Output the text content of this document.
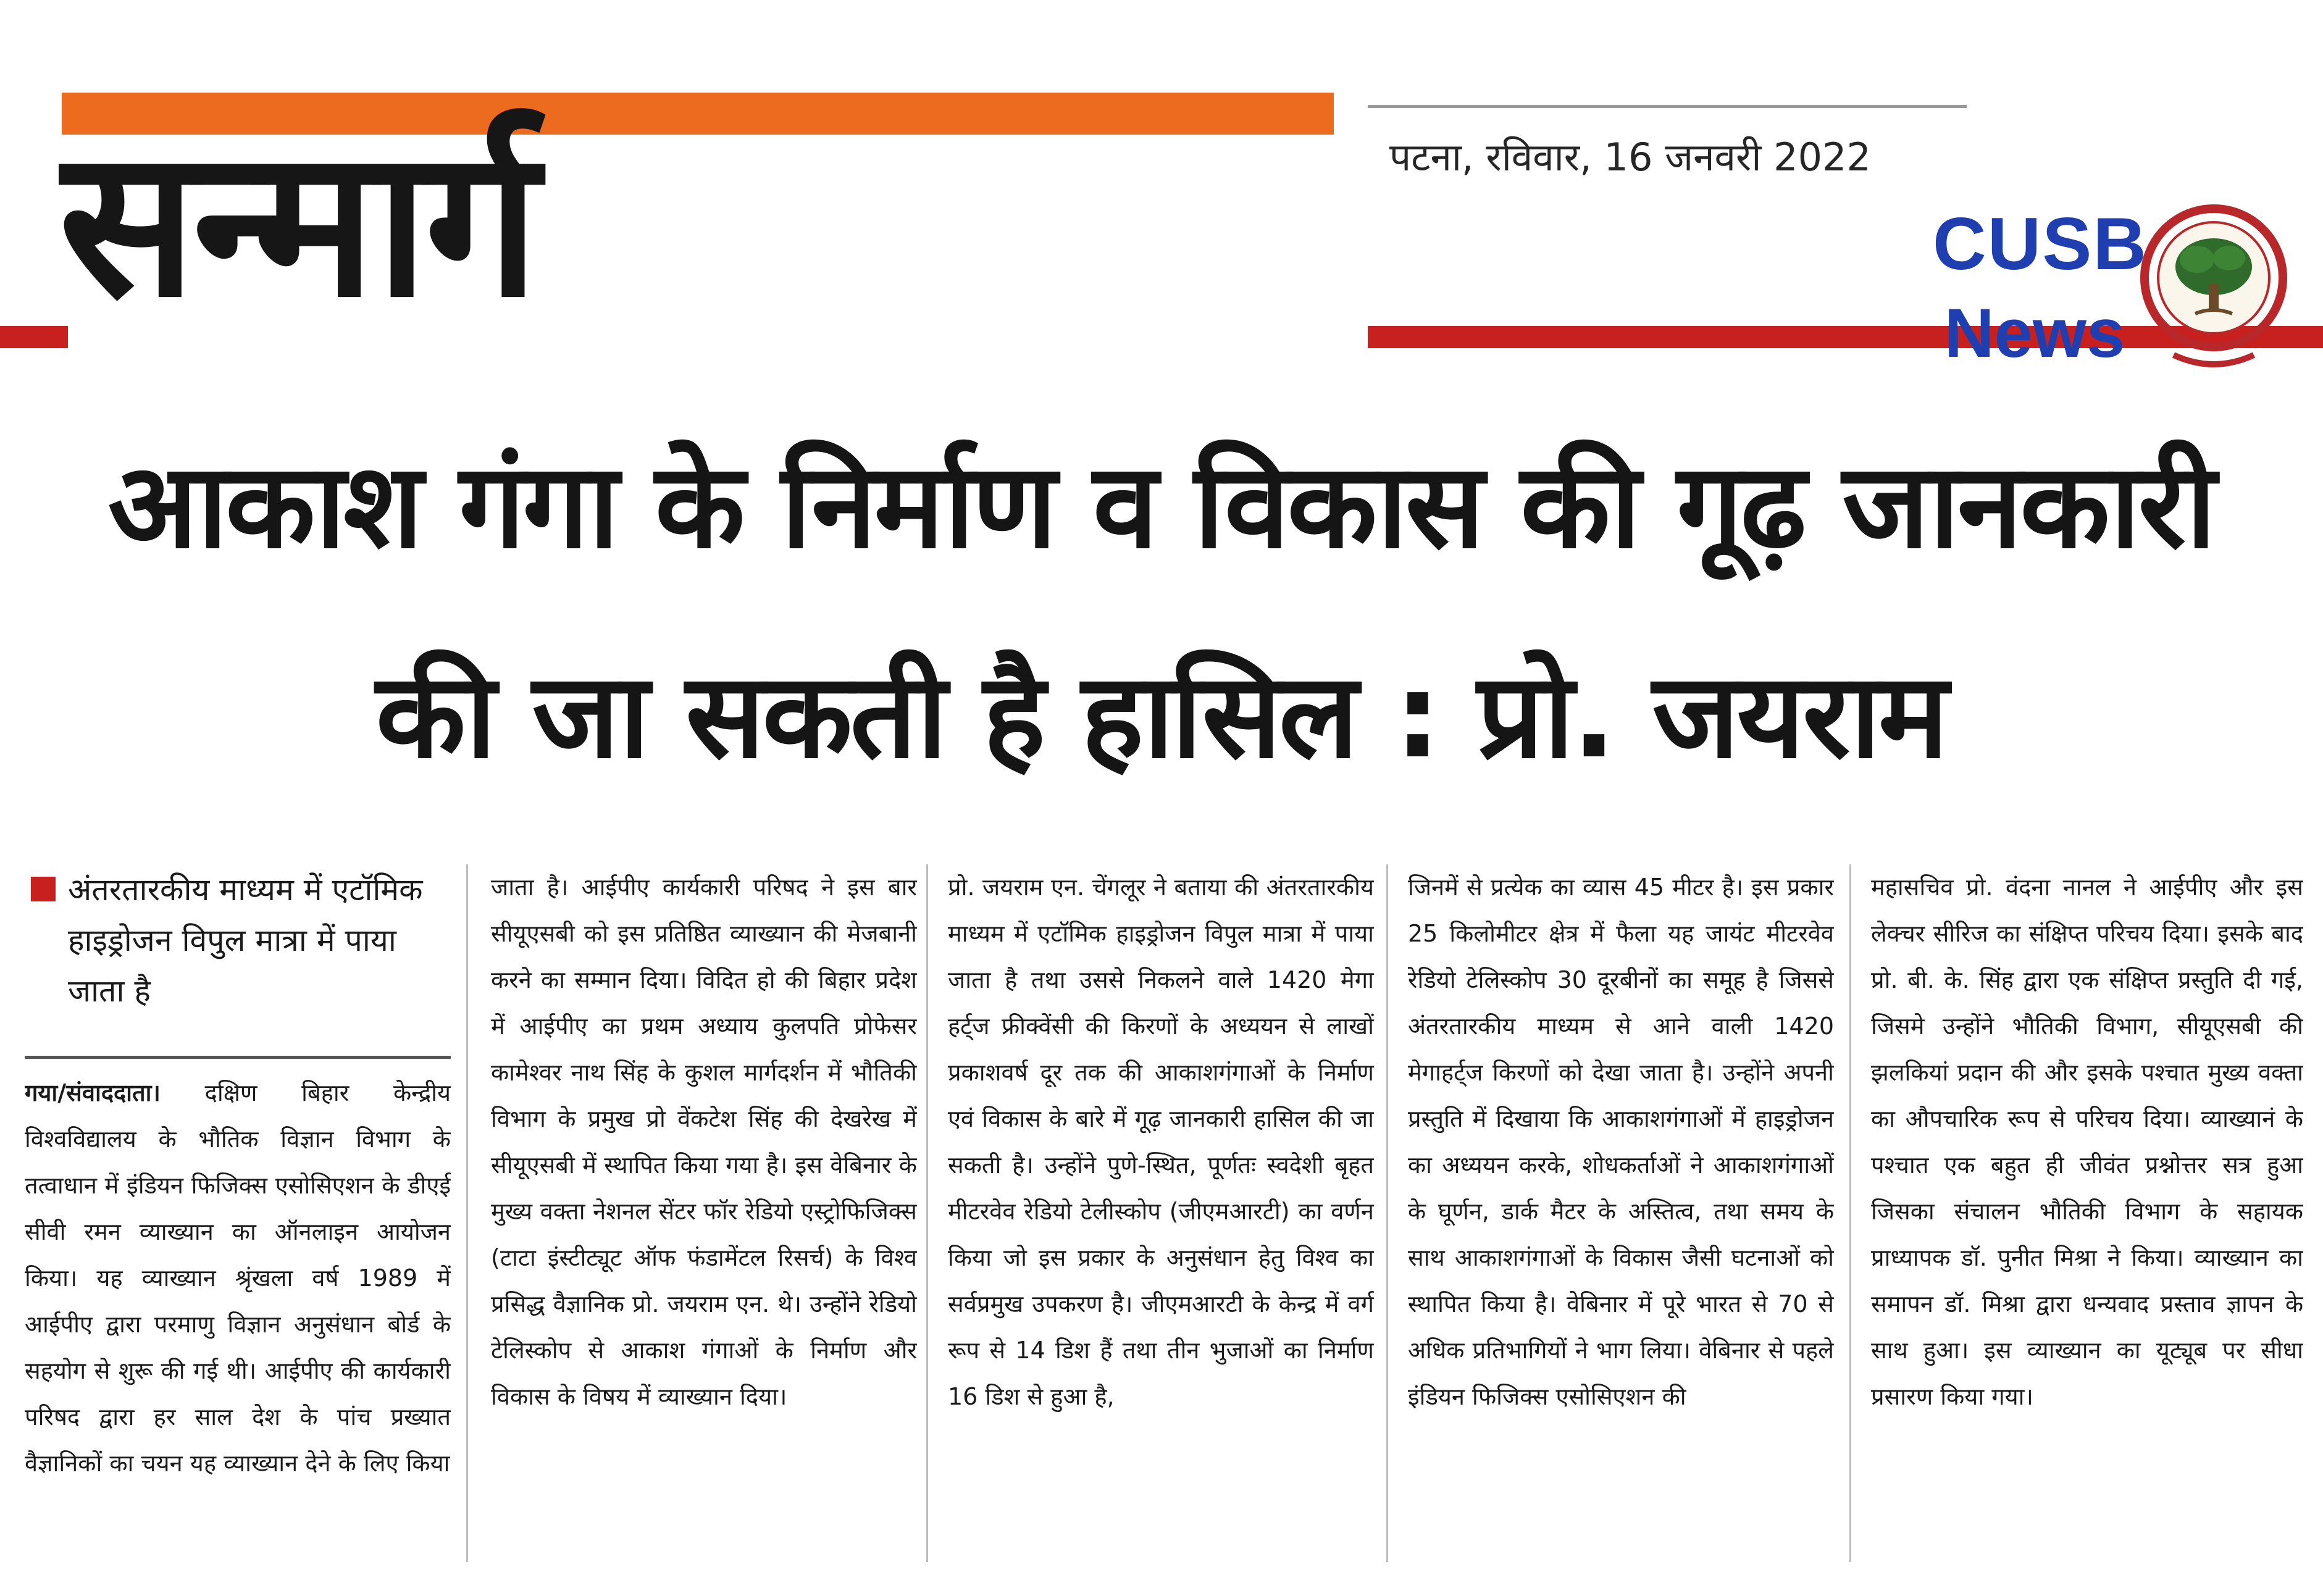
सन्मार्ग	पटना, रविवार, 16 जनवरी 2022
CUSB
News
आकाश गंगा के निर्माण व विकास की गूढ़ जानकारी
की जा सकती है हासिल : प्रो. जयराम
अंतरतारकीय माध्यम में एटॉमिक हाइड्रोजन विपुल मात्रा में पाया जाता है
गया/संवाददाता। दक्षिण बिहार केन्द्रीय विश्वविद्यालय के भौतिक विज्ञान विभाग के तत्वाधान में इंडियन फिजिक्स एसोसिएशन के डीएई सीवी रमन व्याख्यान का ऑनलाइन आयोजन किया। यह व्याख्यान श्रृंखला वर्ष 1989 में आईपीए द्वारा परमाणु विज्ञान अनुसंधान बोर्ड के सहयोग से शुरू की गई थी। आईपीए की कार्यकारी परिषद द्वारा हर साल देश के पांच प्रख्यात वैज्ञानिकों का चयन यह व्याख्यान देने के लिए किया
जाता है। आईपीए कार्यकारी परिषद ने इस बार सीयूएसबी को इस प्रतिष्ठित व्याख्यान की मेजबानी करने का सम्मान दिया। विदित हो की बिहार प्रदेश में आईपीए का प्रथम अध्याय कुलपति प्रोफेसर कामेश्वर नाथ सिंह के कुशल मार्गदर्शन में भौतिकी विभाग के प्रमुख प्रो वेंकटेश सिंह की देखरेख में सीयूएसबी में स्थापित किया गया है। इस वेबिनार के मुख्य वक्ता नेशनल सेंटर फॉर रेडियो एस्ट्रोफिजिक्स (टाटा इंस्टीट्यूट ऑफ फंडामेंटल रिसर्च) के विश्व प्रसिद्ध वैज्ञानिक प्रो. जयराम एन. थे। उन्होंने रेडियो टेलिस्कोप से आकाश गंगाओं के निर्माण और विकास के विषय में व्याख्यान दिया।
प्रो. जयराम एन. चेंगलूर ने बताया की अंतरतारकीय माध्यम में एटॉमिक हाइड्रोजन विपुल मात्रा में पाया जाता है तथा उससे निकलने वाले 1420 मेगा हर्ट्ज फ्रीक्वेंसी की किरणों के अध्ययन से लाखों प्रकाशवर्ष दूर तक की आकाशगंगाओं के निर्माण एवं विकास के बारे में गूढ़ जानकारी हासिल की जा सकती है। उन्होंने पुणे-स्थित, पूर्णतः स्वदेशी बृहत मीटरवेव रेडियो टेलीस्कोप (जीएमआरटी) का वर्णन किया जो इस प्रकार के अनुसंधान हेतु विश्व का सर्वप्रमुख उपकरण है। जीएमआरटी के केन्द्र में वर्ग रूप से 14 डिश हैं तथा तीन भुजाओं का निर्माण 16 डिश से हुआ है,
जिनमें से प्रत्येक का व्यास 45 मीटर है। इस प्रकार 25 किलोमीटर क्षेत्र में फैला यह जायंट मीटरवेव रेडियो टेलिस्कोप 30 दूरबीनों का समूह है जिससे अंतरतारकीय माध्यम से आने वाली 1420 मेगाहर्ट्ज किरणों को देखा जाता है। उन्होंने अपनी प्रस्तुति में दिखाया कि आकाशगंगाओं में हाइड्रोजन का अध्ययन करके, शोधकर्ताओं ने आकाशगंगाओं के घूर्णन, डार्क मैटर के अस्तित्व, तथा समय के साथ आकाशगंगाओं के विकास जैसी घटनाओं को स्थापित किया है। वेबिनार में पूरे भारत से 70 से अधिक प्रतिभागियों ने भाग लिया। वेबिनार से पहले इंडियन फिजिक्स एसोसिएशन की
महासचिव प्रो. वंदना नानल ने आईपीए और इस लेक्चर सीरिज का संक्षिप्त परिचय दिया। इसके बाद प्रो. बी. के. सिंह द्वारा एक संक्षिप्त प्रस्तुति दी गई, जिसमे उन्होंने भौतिकी विभाग, सीयूएसबी की झलकियां प्रदान की और इसके पश्चात मुख्य वक्ता का औपचारिक रूप से परिचय दिया। व्याख्यानं के पश्चात एक बहुत ही जीवंत प्रश्नोत्तर सत्र हुआ जिसका संचालन भौतिकी विभाग के सहायक प्राध्यापक डॉ. पुनीत मिश्रा ने किया। व्याख्यान का समापन डॉ. मिश्रा द्वारा धन्यवाद प्रस्ताव ज्ञापन के साथ हुआ। इस व्याख्यान का यूट्यूब पर सीधा प्रसारण किया गया।
